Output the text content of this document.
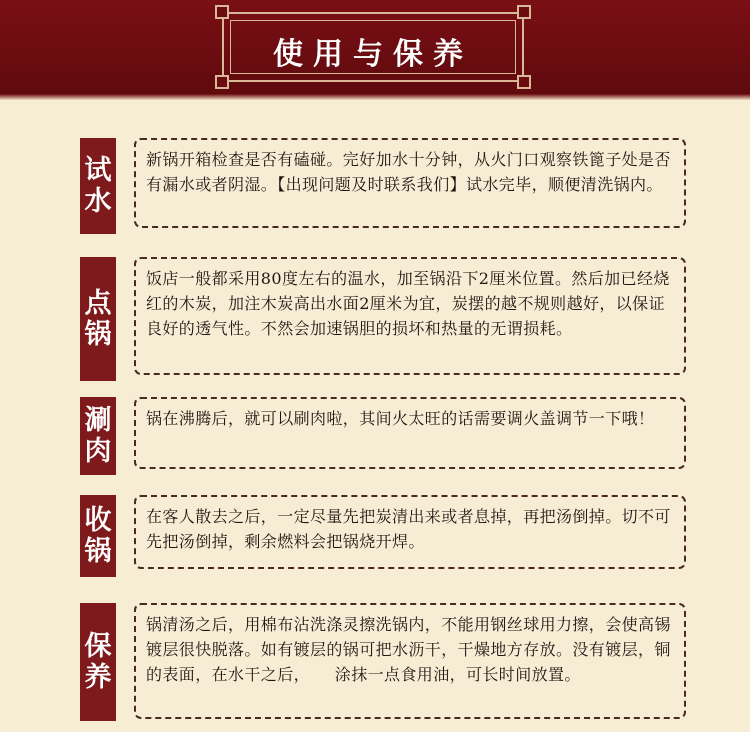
使用与保养
试
水
新锅开箱检查是否有磕碰。完好加水十分钟，从火门口观察铁篦子处是否有漏水或者阴湿。【出现问题及时联系我们】试水完毕，顺便清洗锅内。
点
锅
饭店一般都采用80度左右的温水，加至锅沿下2厘米位置。然后加已经烧红的木炭，加注木炭高出水面2厘米为宜，炭摆的越不规则越好，以保证良好的透气性。不然会加速锅胆的损坏和热量的无谓损耗。
涮
肉
锅在沸腾后，就可以刷肉啦，其间火太旺的话需要调火盖调节一下哦！
收
锅
在客人散去之后，一定尽量先把炭清出来或者息掉，再把汤倒掉。切不可先把汤倒掉，剩余燃料会把锅烧开焊。
保
养
锅清汤之后，用棉布沾洗涤灵擦洗锅内，不能用钢丝球用力擦，会使高锡镀层很快脱落。如有镀层的锅可把水沥干，干燥地方存放。没有镀层，铜的表面，在水干之后，　　涂抹一点食用油，可长时间放置。
